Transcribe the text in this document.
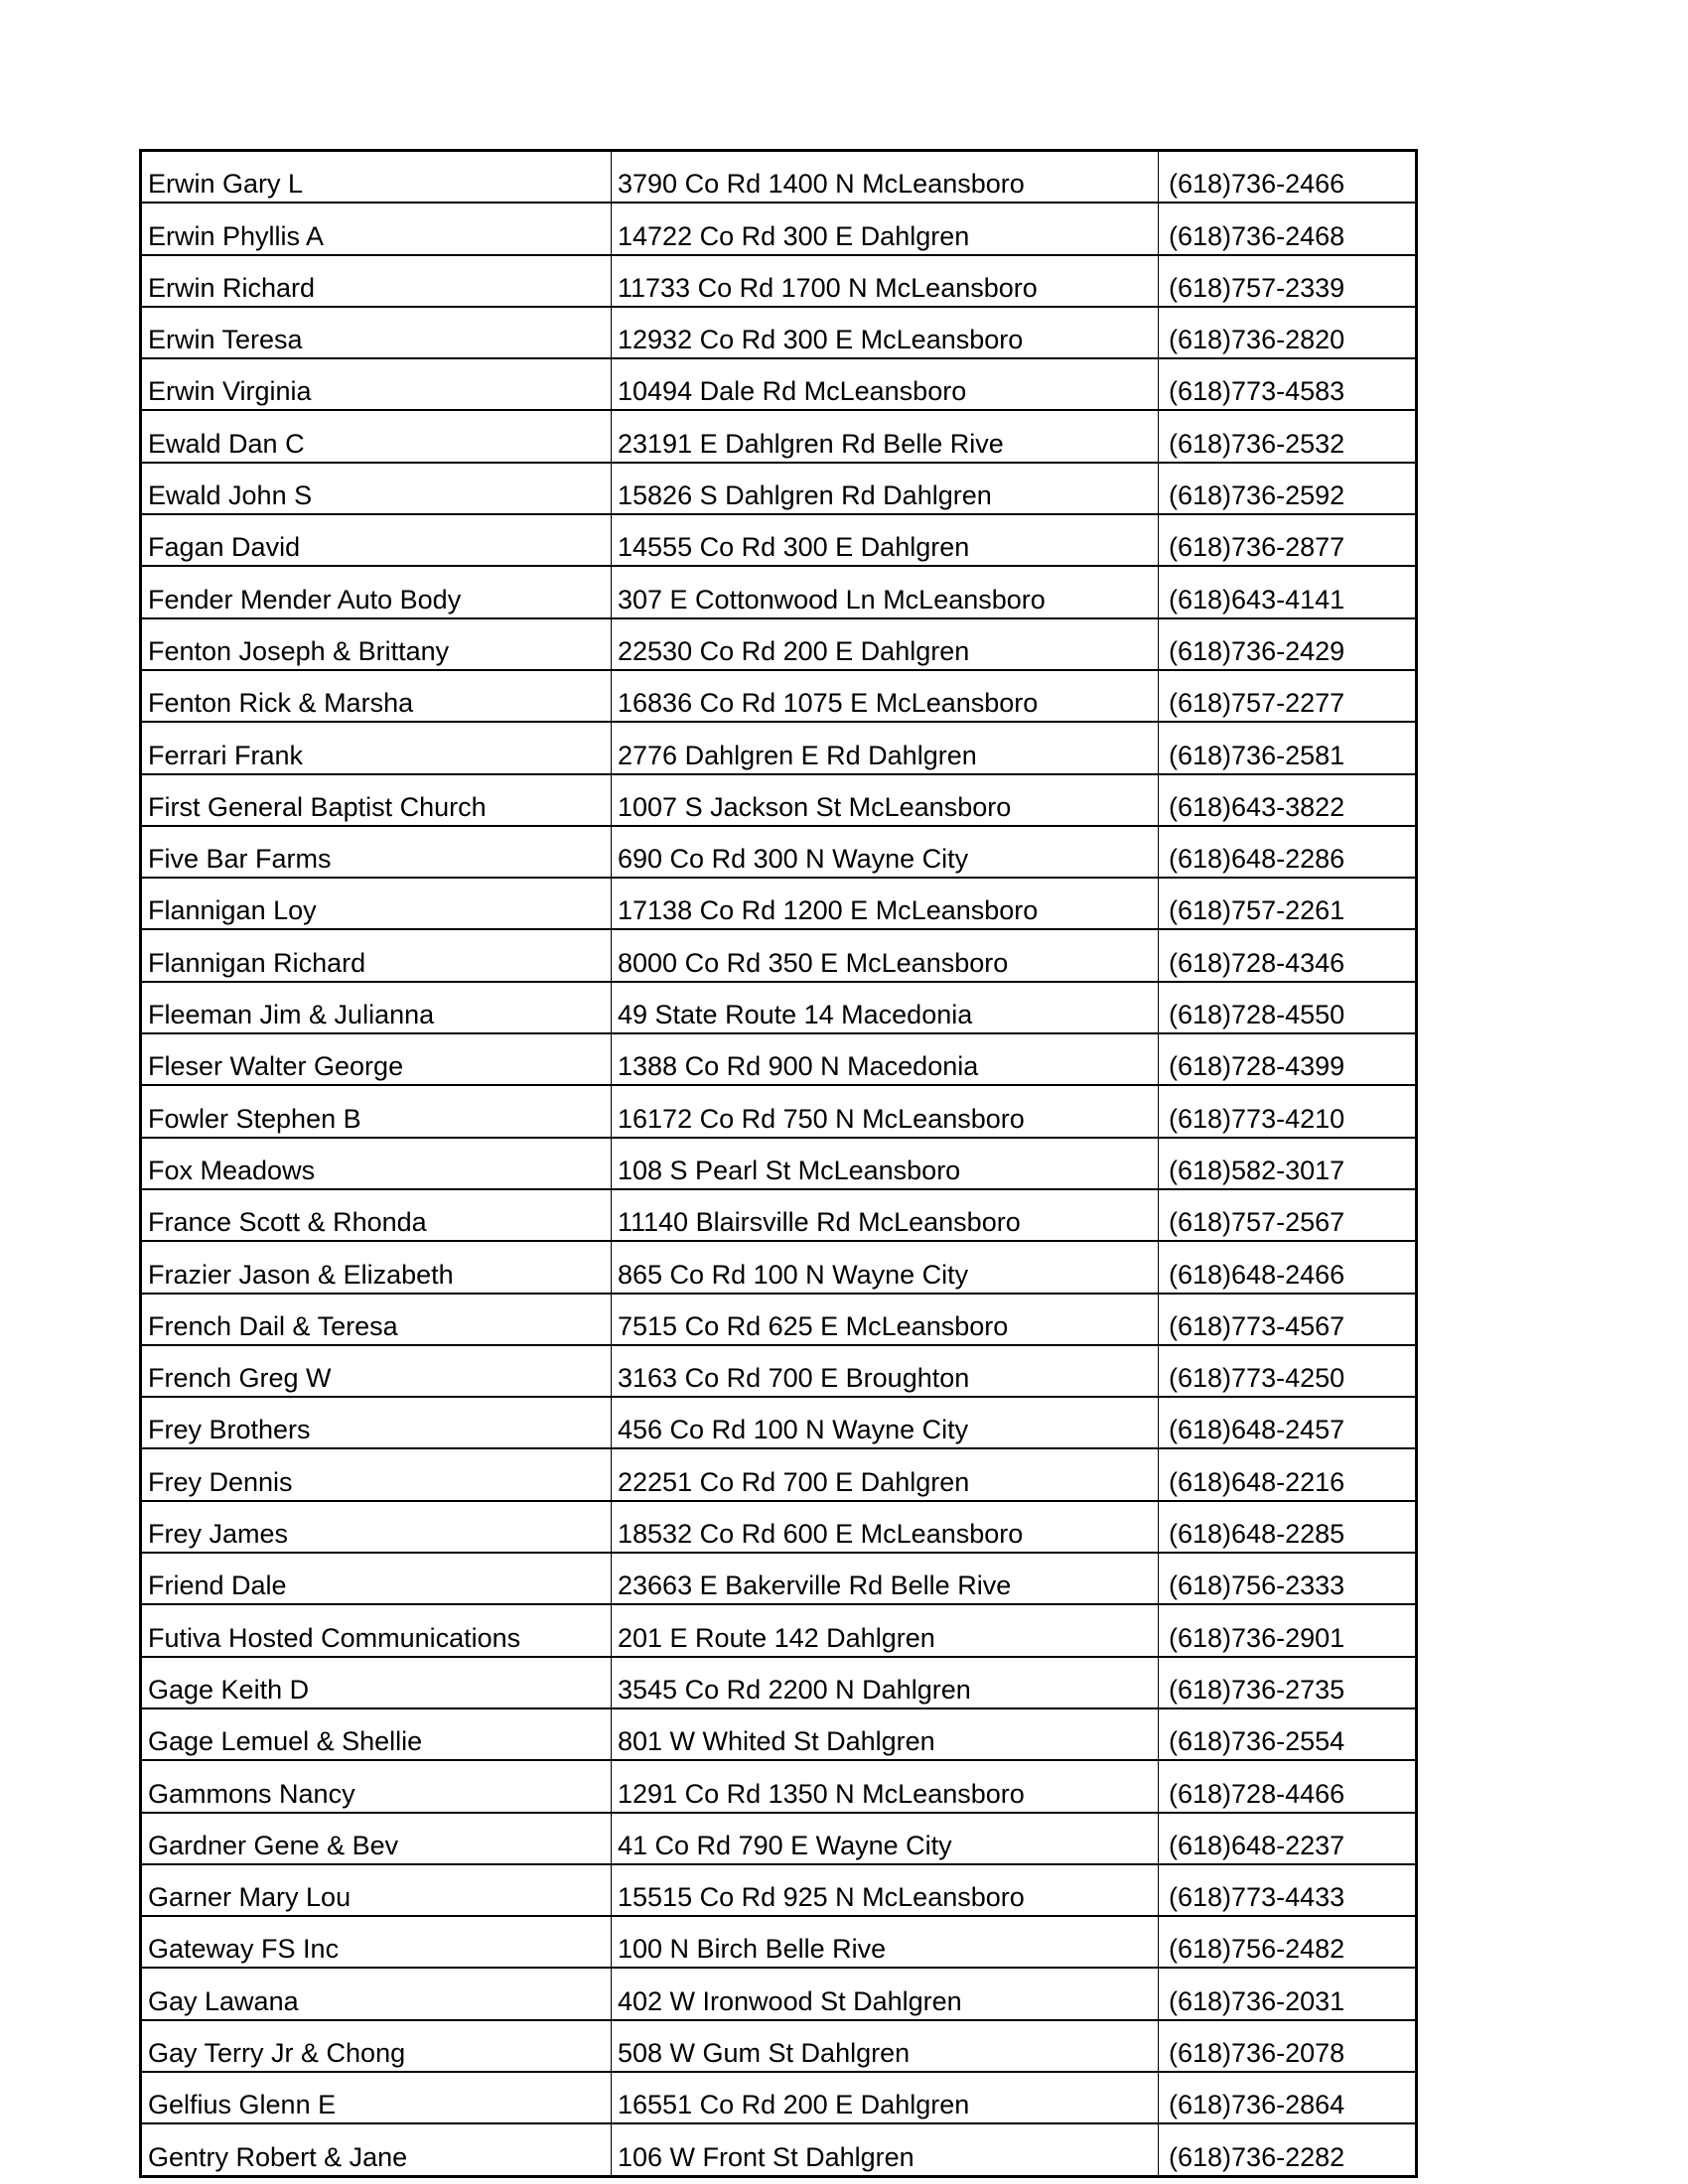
Erwin Gary L	3790 Co Rd 1400 N McLeansboro	(618)736-2466
Erwin Phyllis A	14722 Co Rd 300 E Dahlgren	(618)736-2468
Erwin Richard	11733 Co Rd 1700 N McLeansboro	(618)757-2339
Erwin Teresa	12932 Co Rd 300 E McLeansboro	(618)736-2820
Erwin Virginia	10494 Dale Rd McLeansboro	(618)773-4583
Ewald Dan C	23191 E Dahlgren Rd Belle Rive	(618)736-2532
Ewald John S	15826 S Dahlgren Rd Dahlgren	(618)736-2592
Fagan David	14555 Co Rd 300 E Dahlgren	(618)736-2877
Fender Mender Auto Body	307 E Cottonwood Ln McLeansboro	(618)643-4141
Fenton Joseph & Brittany	22530 Co Rd 200 E Dahlgren	(618)736-2429
Fenton Rick & Marsha	16836 Co Rd 1075 E McLeansboro	(618)757-2277
Ferrari Frank	2776 Dahlgren E Rd Dahlgren	(618)736-2581
First General Baptist Church	1007 S Jackson St McLeansboro	(618)643-3822
Five Bar Farms	690 Co Rd 300 N Wayne City	(618)648-2286
Flannigan Loy	17138 Co Rd 1200 E McLeansboro	(618)757-2261
Flannigan Richard	8000 Co Rd 350 E McLeansboro	(618)728-4346
Fleeman Jim & Julianna	49 State Route 14 Macedonia	(618)728-4550
Fleser Walter George	1388 Co Rd 900 N Macedonia	(618)728-4399
Fowler Stephen B	16172 Co Rd 750 N McLeansboro	(618)773-4210
Fox Meadows	108 S Pearl St McLeansboro	(618)582-3017
France Scott & Rhonda	11140 Blairsville Rd McLeansboro	(618)757-2567
Frazier Jason & Elizabeth	865 Co Rd 100 N Wayne City	(618)648-2466
French Dail & Teresa	7515 Co Rd 625 E McLeansboro	(618)773-4567
French Greg W	3163 Co Rd 700 E Broughton	(618)773-4250
Frey Brothers	456 Co Rd 100 N Wayne City	(618)648-2457
Frey Dennis	22251 Co Rd 700 E Dahlgren	(618)648-2216
Frey James	18532 Co Rd 600 E McLeansboro	(618)648-2285
Friend Dale	23663 E Bakerville Rd Belle Rive	(618)756-2333
Futiva Hosted Communications	201 E Route 142 Dahlgren	(618)736-2901
Gage Keith D	3545 Co Rd 2200 N Dahlgren	(618)736-2735
Gage Lemuel & Shellie	801 W Whited St Dahlgren	(618)736-2554
Gammons Nancy	1291 Co Rd 1350 N McLeansboro	(618)728-4466
Gardner Gene & Bev	41 Co Rd 790 E Wayne City	(618)648-2237
Garner Mary Lou	15515 Co Rd 925 N McLeansboro	(618)773-4433
Gateway FS Inc	100 N Birch Belle Rive	(618)756-2482
Gay Lawana	402 W Ironwood St Dahlgren	(618)736-2031
Gay Terry Jr & Chong	508 W Gum St Dahlgren	(618)736-2078
Gelfius Glenn E	16551 Co Rd 200 E Dahlgren	(618)736-2864
Gentry Robert & Jane	106 W Front St Dahlgren	(618)736-2282
